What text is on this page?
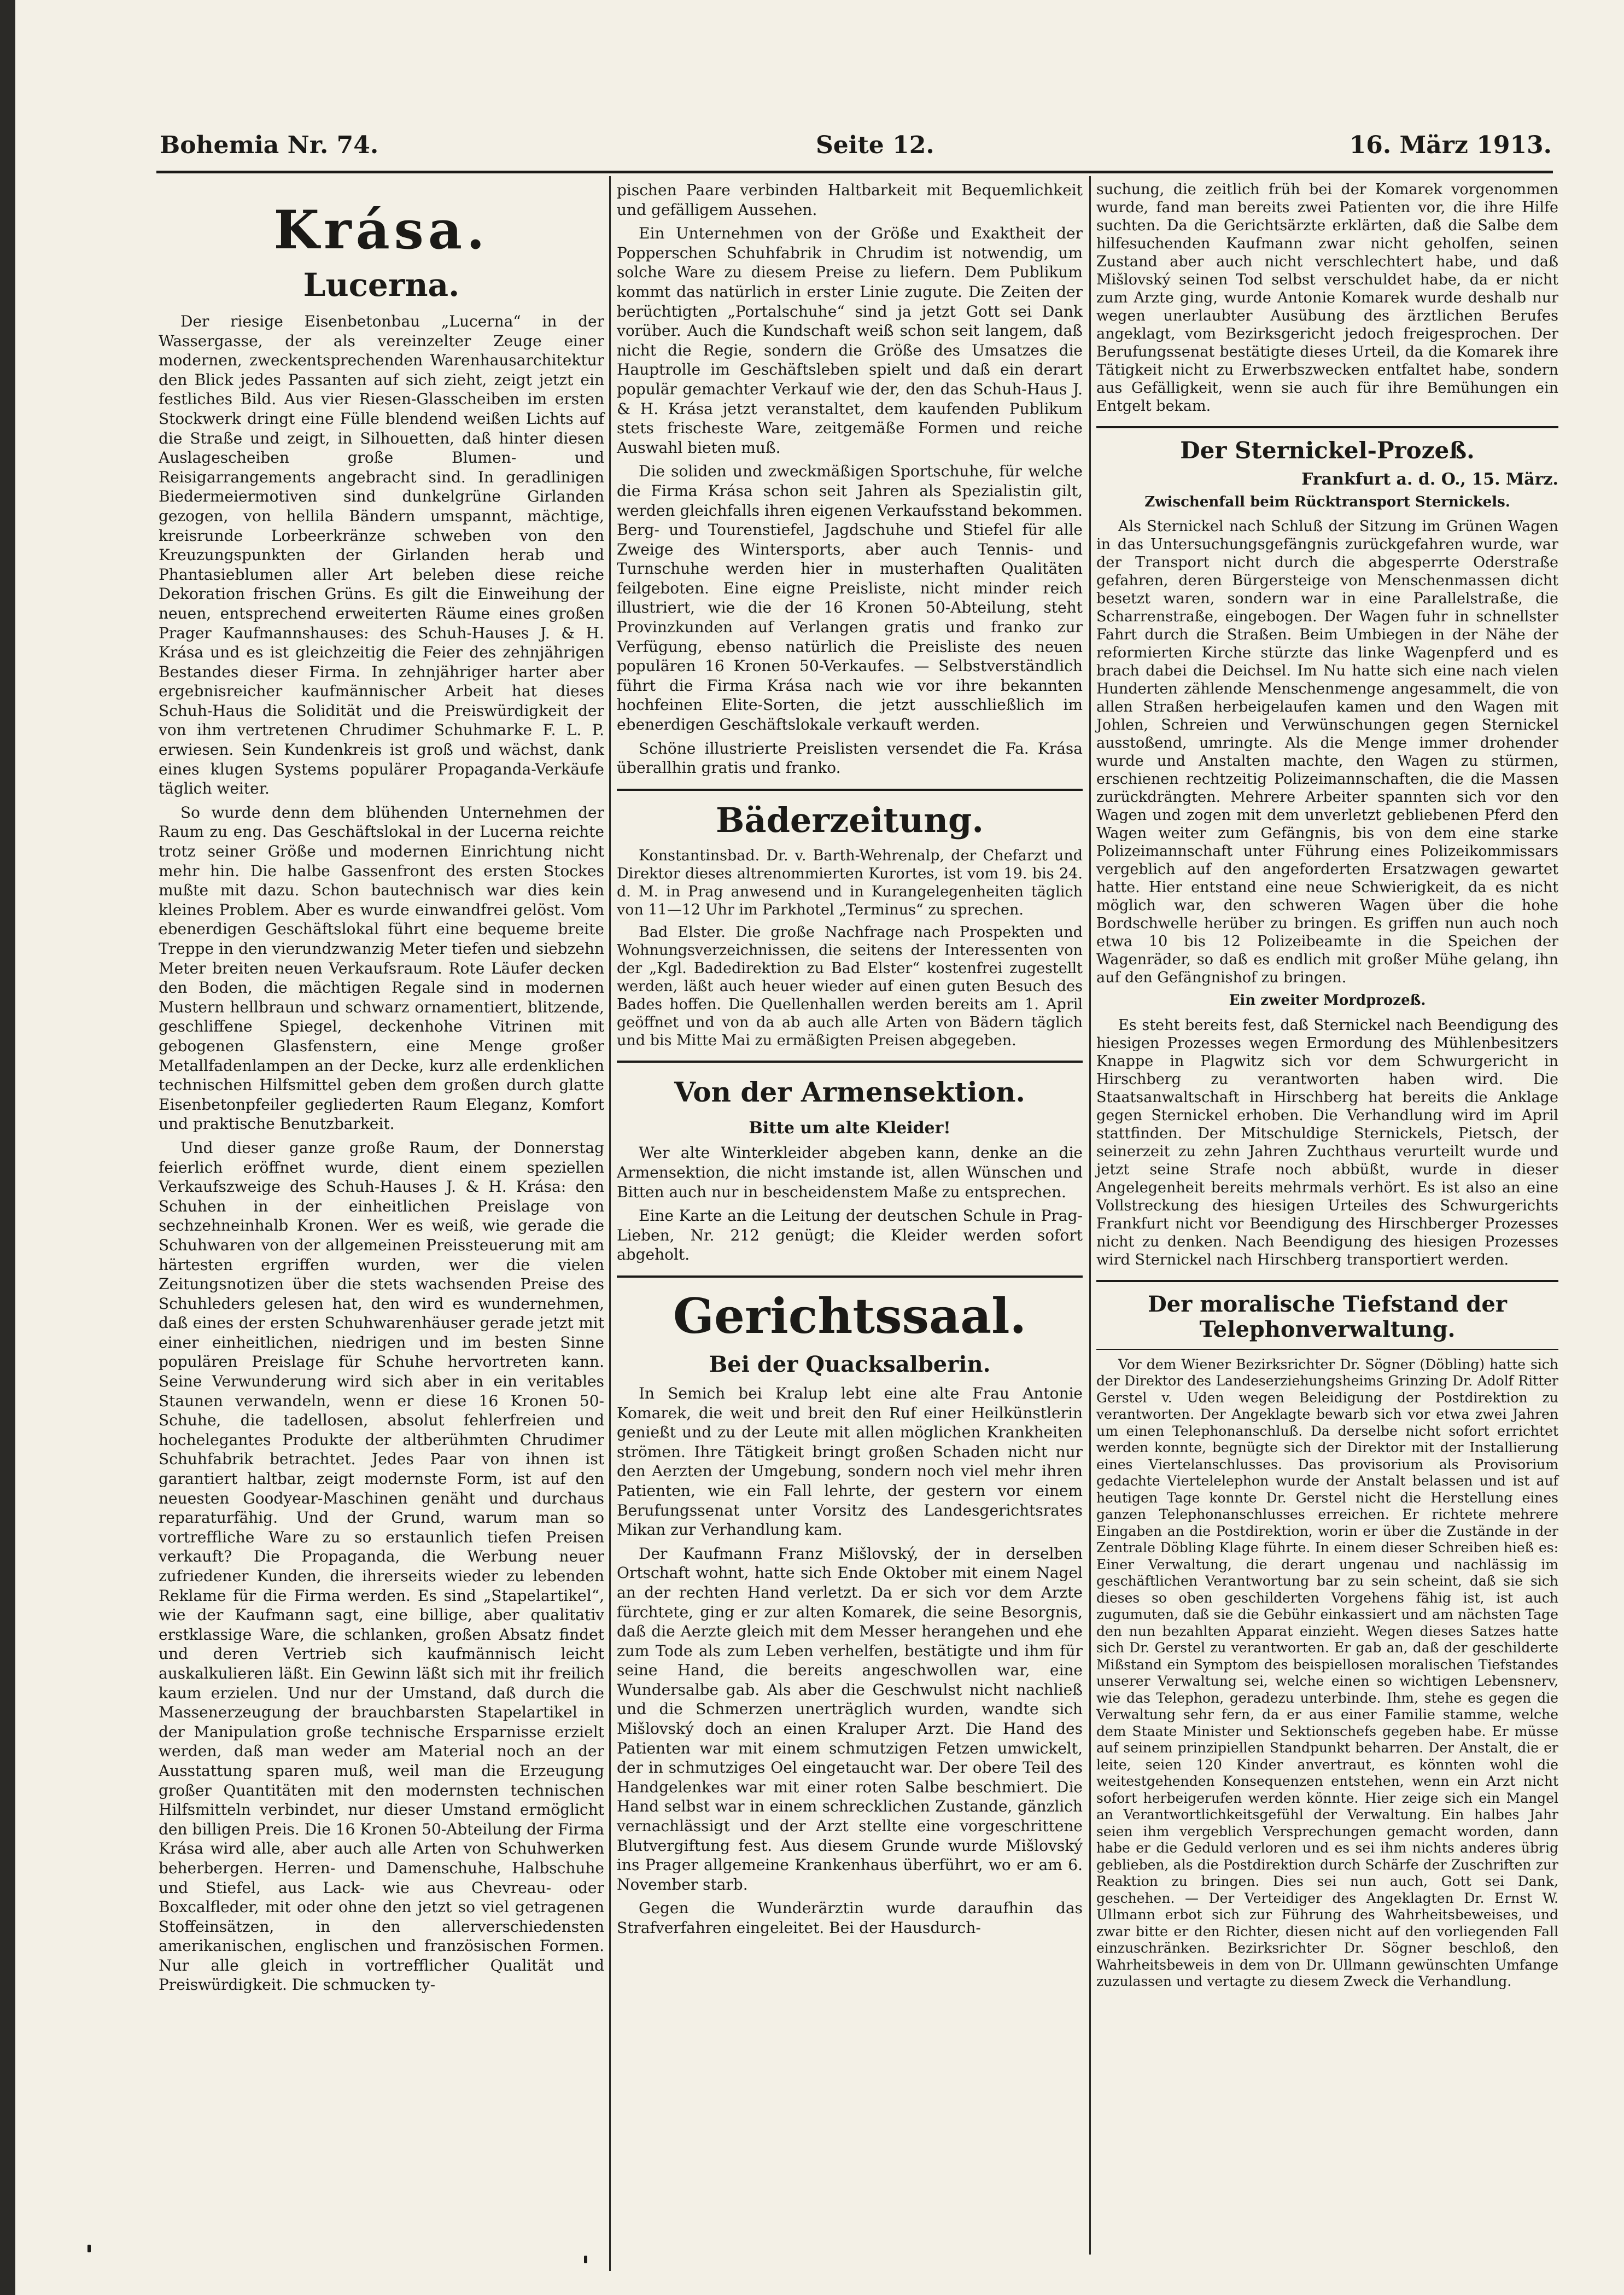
Bohemia Nr. 74.	Seite 12.	16. März 1913.
Krása.
Lucerna.

Der riesige Eisenbetonbau „Lucerna“ in der Wassergasse, der als vereinzelter Zeuge einer modernen, zweckentsprechenden Warenhausarchitektur den Blick jedes Passanten auf sich zieht, zeigt jetzt ein festliches Bild. Aus vier Riesen-Glasscheiben im ersten Stockwerk dringt eine Fülle blendend weißen Lichts auf die Straße und zeigt, in Silhouetten, daß hinter diesen Auslagescheiben große Blumen- und Reisigarrangements angebracht sind. In geradlinigen Biedermeiermotiven sind dunkelgrüne Girlanden gezogen, von hellila Bändern umspannt, mächtige, kreisrunde Lorbeerkränze schweben von den Kreuzungspunkten der Girlanden herab und Phantasieblumen aller Art beleben diese reiche Dekoration frischen Grüns. Es gilt die Einweihung der neuen, entsprechend erweiterten Räume eines großen Prager Kaufmannshauses: des Schuh-Hauses J. & H. Krása und es ist gleichzeitig die Feier des zehnjährigen Bestandes dieser Firma. In zehnjähriger harter aber ergebnisreicher kaufmännischer Arbeit hat dieses Schuh-Haus die Solidität und die Preiswürdigkeit der von ihm vertretenen Chrudimer Schuhmarke F. L. P. erwiesen. Sein Kundenkreis ist groß und wächst, dank eines klugen Systems populärer Propaganda-Verkäufe täglich weiter.

So wurde denn dem blühenden Unternehmen der Raum zu eng. Das Geschäftslokal in der Lucerna reichte trotz seiner Größe und modernen Einrichtung nicht mehr hin. Die halbe Gassenfront des ersten Stockes mußte mit dazu. Schon bautechnisch war dies kein kleines Problem. Aber es wurde einwandfrei gelöst. Vom ebenerdigen Geschäftslokal führt eine bequeme breite Treppe in den vierundzwanzig Meter tiefen und siebzehn Meter breiten neuen Verkaufsraum. Rote Läufer decken den Boden, die mächtigen Regale sind in modernen Mustern hellbraun und schwarz ornamentiert, blitzende, geschliffene Spiegel, deckenhohe Vitrinen mit gebogenen Glasfenstern, eine Menge großer Metallfadenlampen an der Decke, kurz alle erdenklichen technischen Hilfsmittel geben dem großen durch glatte Eisenbetonpfeiler gegliederten Raum Eleganz, Komfort und praktische Benutzbarkeit.

Und dieser ganze große Raum, der Donnerstag feierlich eröffnet wurde, dient einem speziellen Verkaufszweige des Schuh-Hauses J. & H. Krása: den Schuhen in der einheitlichen Preislage von sechzehneinhalb Kronen. Wer es weiß, wie gerade die Schuhwaren von der allgemeinen Preissteuerung mit am härtesten ergriffen wurden, wer die vielen Zeitungsnotizen über die stets wachsenden Preise des Schuhleders gelesen hat, den wird es wundernehmen, daß eines der ersten Schuhwarenhäuser gerade jetzt mit einer einheitlichen, niedrigen und im besten Sinne populären Preislage für Schuhe hervortreten kann. Seine Verwunderung wird sich aber in ein veritables Staunen verwandeln, wenn er diese 16 Kronen 50-Schuhe, die tadellosen, absolut fehlerfreien und hochelegantes Produkte der altberühmten Chrudimer Schuhfabrik betrachtet. Jedes Paar von ihnen ist garantiert haltbar, zeigt modernste Form, ist auf den neuesten Goodyear-Maschinen genäht und durchaus reparaturfähig. Und der Grund, warum man so vortreffliche Ware zu so erstaunlich tiefen Preisen verkauft? Die Propaganda, die Werbung neuer zufriedener Kunden, die ihrerseits wieder zu lebenden Reklame für die Firma werden. Es sind „Stapelartikel“, wie der Kaufmann sagt, eine billige, aber qualitativ erstklassige Ware, die schlanken, großen Absatz findet und deren Vertrieb sich kaufmännisch leicht auskalkulieren läßt. Ein Gewinn läßt sich mit ihr freilich kaum erzielen. Und nur der Umstand, daß durch die Massenerzeugung der brauchbarsten Stapelartikel in der Manipulation große technische Ersparnisse erzielt werden, daß man weder am Material noch an der Ausstattung sparen muß, weil man die Erzeugung großer Quantitäten mit den modernsten technischen Hilfsmitteln verbindet, nur dieser Umstand ermöglicht den billigen Preis. Die 16 Kronen 50-Abteilung der Firma Krása wird alle, aber auch alle Arten von Schuhwerken beherbergen. Herren- und Damenschuhe, Halbschuhe und Stiefel, aus Lack- wie aus Chevreau- oder Boxcalfleder, mit oder ohne den jetzt so viel getragenen Stoffeinsätzen, in den allerverschiedensten amerikanischen, englischen und französischen Formen. Nur alle gleich in vortrefflicher Qualität und Preiswürdigkeit. Die schmucken ty-

pischen Paare verbinden Haltbarkeit mit Bequemlichkeit und gefälligem Aussehen.

Ein Unternehmen von der Größe und Exaktheit der Popperschen Schuhfabrik in Chrudim ist notwendig, um solche Ware zu diesem Preise zu liefern. Dem Publikum kommt das natürlich in erster Linie zugute. Die Zeiten der berüchtigten „Portalschuhe“ sind ja jetzt Gott sei Dank vorüber. Auch die Kundschaft weiß schon seit langem, daß nicht die Regie, sondern die Größe des Umsatzes die Hauptrolle im Geschäftsleben spielt und daß ein derart populär gemachter Verkauf wie der, den das Schuh-Haus J. & H. Krása jetzt veranstaltet, dem kaufenden Publikum stets frischeste Ware, zeitgemäße Formen und reiche Auswahl bieten muß.

Die soliden und zweckmäßigen Sportschuhe, für welche die Firma Krása schon seit Jahren als Spezialistin gilt, werden gleichfalls ihren eigenen Verkaufsstand bekommen. Berg- und Tourenstiefel, Jagdschuhe und Stiefel für alle Zweige des Wintersports, aber auch Tennis- und Turnschuhe werden hier in musterhaften Qualitäten feilgeboten. Eine eigne Preisliste, nicht minder reich illustriert, wie die der 16 Kronen 50-Abteilung, steht Provinzkunden auf Verlangen gratis und franko zur Verfügung, ebenso natürlich die Preisliste des neuen populären 16 Kronen 50-Verkaufes. — Selbstverständlich führt die Firma Krása nach wie vor ihre bekannten hochfeinen Elite-Sorten, die jetzt ausschließlich im ebenerdigen Geschäftslokale verkauft werden.

Schöne illustrierte Preislisten versendet die Fa. Krása überallhin gratis und franko.

Bäderzeitung.

Konstantinsbad. Dr. v. Barth-Wehrenalp, der Chefarzt und Direktor dieses altrenommierten Kurortes, ist vom 19. bis 24. d. M. in Prag anwesend und in Kurangelegenheiten täglich von 11—12 Uhr im Parkhotel „Terminus“ zu sprechen.

Bad Elster. Die große Nachfrage nach Prospekten und Wohnungsverzeichnissen, die seitens der Interessenten von der „Kgl. Badedirektion zu Bad Elster“ kostenfrei zugestellt werden, läßt auch heuer wieder auf einen guten Besuch des Bades hoffen. Die Quellenhallen werden bereits am 1. April geöffnet und von da ab auch alle Arten von Bädern täglich und bis Mitte Mai zu ermäßigten Preisen abgegeben.

Von der Armensektion.
Bitte um alte Kleider!

Wer alte Winterkleider abgeben kann, denke an die Armensektion, die nicht imstande ist, allen Wünschen und Bitten auch nur in bescheidenstem Maße zu entsprechen.

Eine Karte an die Leitung der deutschen Schule in Prag-Lieben, Nr. 212 genügt; die Kleider werden sofort abgeholt.

Gerichtssaal.
Bei der Quacksalberin.

In Semich bei Kralup lebt eine alte Frau Antonie Komarek, die weit und breit den Ruf einer Heilkünstlerin genießt und zu der Leute mit allen möglichen Krankheiten strömen. Ihre Tätigkeit bringt großen Schaden nicht nur den Aerzten der Umgebung, sondern noch viel mehr ihren Patienten, wie ein Fall lehrte, der gestern vor einem Berufungssenat unter Vorsitz des Landesgerichtsrates Mikan zur Verhandlung kam.

Der Kaufmann Franz Mišlovský, der in derselben Ortschaft wohnt, hatte sich Ende Oktober mit einem Nagel an der rechten Hand verletzt. Da er sich vor dem Arzte fürchtete, ging er zur alten Komarek, die seine Besorgnis, daß die Aerzte gleich mit dem Messer herangehen und ehe zum Tode als zum Leben verhelfen, bestätigte und ihm für seine Hand, die bereits angeschwollen war, eine Wundersalbe gab. Als aber die Geschwulst nicht nachließ und die Schmerzen unerträglich wurden, wandte sich Mišlovský doch an einen Kraluper Arzt. Die Hand des Patienten war mit einem schmutzigen Fetzen umwickelt, der in schmutziges Oel eingetaucht war. Der obere Teil des Handgelenkes war mit einer roten Salbe beschmiert. Die Hand selbst war in einem schrecklichen Zustande, gänzlich vernachlässigt und der Arzt stellte eine vorgeschrittene Blutvergiftung fest. Aus diesem Grunde wurde Mišlovský ins Prager allgemeine Krankenhaus überführt, wo er am 6. November starb.

Gegen die Wunderärztin wurde daraufhin das Strafverfahren eingeleitet. Bei der Hausdurch-

suchung, die zeitlich früh bei der Komarek vorgenommen wurde, fand man bereits zwei Patienten vor, die ihre Hilfe suchten. Da die Gerichtsärzte erklärten, daß die Salbe dem hilfesuchenden Kaufmann zwar nicht geholfen, seinen Zustand aber auch nicht verschlechtert habe, und daß Mišlovský seinen Tod selbst verschuldet habe, da er nicht zum Arzte ging, wurde Antonie Komarek wurde deshalb nur wegen unerlaubter Ausübung des ärztlichen Berufes angeklagt, vom Bezirksgericht jedoch freigesprochen. Der Berufungssenat bestätigte dieses Urteil, da die Komarek ihre Tätigkeit nicht zu Erwerbszwecken entfaltet habe, sondern aus Gefälligkeit, wenn sie auch für ihre Bemühungen ein Entgelt bekam.

Der Sternickel-Prozeß.
Frankfurt a. d. O., 15. März.
Zwischenfall beim Rücktransport Sternickels.

Als Sternickel nach Schluß der Sitzung im Grünen Wagen in das Untersuchungsgefängnis zurückgefahren wurde, war der Transport nicht durch die abgesperrte Oderstraße gefahren, deren Bürgersteige von Menschenmassen dicht besetzt waren, sondern war in eine Parallelstraße, die Scharrenstraße, eingebogen. Der Wagen fuhr in schnellster Fahrt durch die Straßen. Beim Umbiegen in der Nähe der reformierten Kirche stürzte das linke Wagenpferd und es brach dabei die Deichsel. Im Nu hatte sich eine nach vielen Hunderten zählende Menschenmenge angesammelt, die von allen Straßen herbeigelaufen kamen und den Wagen mit Johlen, Schreien und Verwünschungen gegen Sternickel ausstoßend, umringte. Als die Menge immer drohender wurde und Anstalten machte, den Wagen zu stürmen, erschienen rechtzeitig Polizeimannschaften, die die Massen zurückdrängten. Mehrere Arbeiter spannten sich vor den Wagen und zogen mit dem unverletzt gebliebenen Pferd den Wagen weiter zum Gefängnis, bis von dem eine starke Polizeimannschaft unter Führung eines Polizeikommissars vergeblich auf den angeforderten Ersatzwagen gewartet hatte. Hier entstand eine neue Schwierigkeit, da es nicht möglich war, den schweren Wagen über die hohe Bordschwelle herüber zu bringen. Es griffen nun auch noch etwa 10 bis 12 Polizeibeamte in die Speichen der Wagenräder, so daß es endlich mit großer Mühe gelang, ihn auf den Gefängnishof zu bringen.

Ein zweiter Mordprozeß.

Es steht bereits fest, daß Sternickel nach Beendigung des hiesigen Prozesses wegen Ermordung des Mühlenbesitzers Knappe in Plagwitz sich vor dem Schwurgericht in Hirschberg zu verantworten haben wird. Die Staatsanwaltschaft in Hirschberg hat bereits die Anklage gegen Sternickel erhoben. Die Verhandlung wird im April stattfinden. Der Mitschuldige Sternickels, Pietsch, der seinerzeit zu zehn Jahren Zuchthaus verurteilt wurde und jetzt seine Strafe noch abbüßt, wurde in dieser Angelegenheit bereits mehrmals verhört. Es ist also an eine Vollstreckung des hiesigen Urteiles des Schwurgerichts Frankfurt nicht vor Beendigung des Hirschberger Prozesses nicht zu denken. Nach Beendigung des hiesigen Prozesses wird Sternickel nach Hirschberg transportiert werden.

Der moralische Tiefstand der Telephonverwaltung.

Vor dem Wiener Bezirksrichter Dr. Sögner (Döbling) hatte sich der Direktor des Landeserziehungsheims Grinzing Dr. Adolf Ritter Gerstel v. Uden wegen Beleidigung der Postdirektion zu verantworten. Der Angeklagte bewarb sich vor etwa zwei Jahren um einen Telephonanschluß. Da derselbe nicht sofort errichtet werden konnte, begnügte sich der Direktor mit der Installierung eines Viertelanschlusses. Das provisorium als Provisorium gedachte Viertelelephon wurde der Anstalt belassen und ist auf heutigen Tage konnte Dr. Gerstel nicht die Herstellung eines ganzen Telephonanschlusses erreichen. Er richtete mehrere Eingaben an die Postdirektion, worin er über die Zustände in der Zentrale Döbling Klage führte. In einem dieser Schreiben hieß es: Einer Verwaltung, die derart ungenau und nachlässig im geschäftlichen Verantwortung bar zu sein scheint, daß sie sich dieses so oben geschilderten Vorgehens fähig ist, ist auch zugumuten, daß sie die Gebühr einkassiert und am nächsten Tage den nun bezahlten Apparat einzieht. Wegen dieses Satzes hatte sich Dr. Gerstel zu verantworten. Er gab an, daß der geschilderte Mißstand ein Symptom des beispiellosen moralischen Tiefstandes unserer Verwaltung sei, welche einen so wichtigen Lebensnerv, wie das Telephon, geradezu unterbinde. Ihm, stehe es gegen die Verwaltung sehr fern, da er aus einer Familie stamme, welche dem Staate Minister und Sektionschefs gegeben habe. Er müsse auf seinem prinzipiellen Standpunkt beharren. Der Anstalt, die er leite, seien 120 Kinder anvertraut, es könnten wohl die weitestgehenden Konsequenzen entstehen, wenn ein Arzt nicht sofort herbeigerufen werden könnte. Hier zeige sich ein Mangel an Verantwortlichkeitsgefühl der Verwaltung. Ein halbes Jahr seien ihm vergeblich Versprechungen gemacht worden, dann habe er die Geduld verloren und es sei ihm nichts anderes übrig geblieben, als die Postdirektion durch Schärfe der Zuschriften zur Reaktion zu bringen. Dies sei nun auch, Gott sei Dank, geschehen. — Der Verteidiger des Angeklagten Dr. Ernst W. Ullmann erbot sich zur Führung des Wahrheitsbeweises, und zwar bitte er den Richter, diesen nicht auf den vorliegenden Fall einzuschränken. Bezirksrichter Dr. Sögner beschloß, den Wahrheitsbeweis in dem von Dr. Ullmann gewünschten Umfange zuzulassen und vertagte zu diesem Zweck die Verhandlung.
